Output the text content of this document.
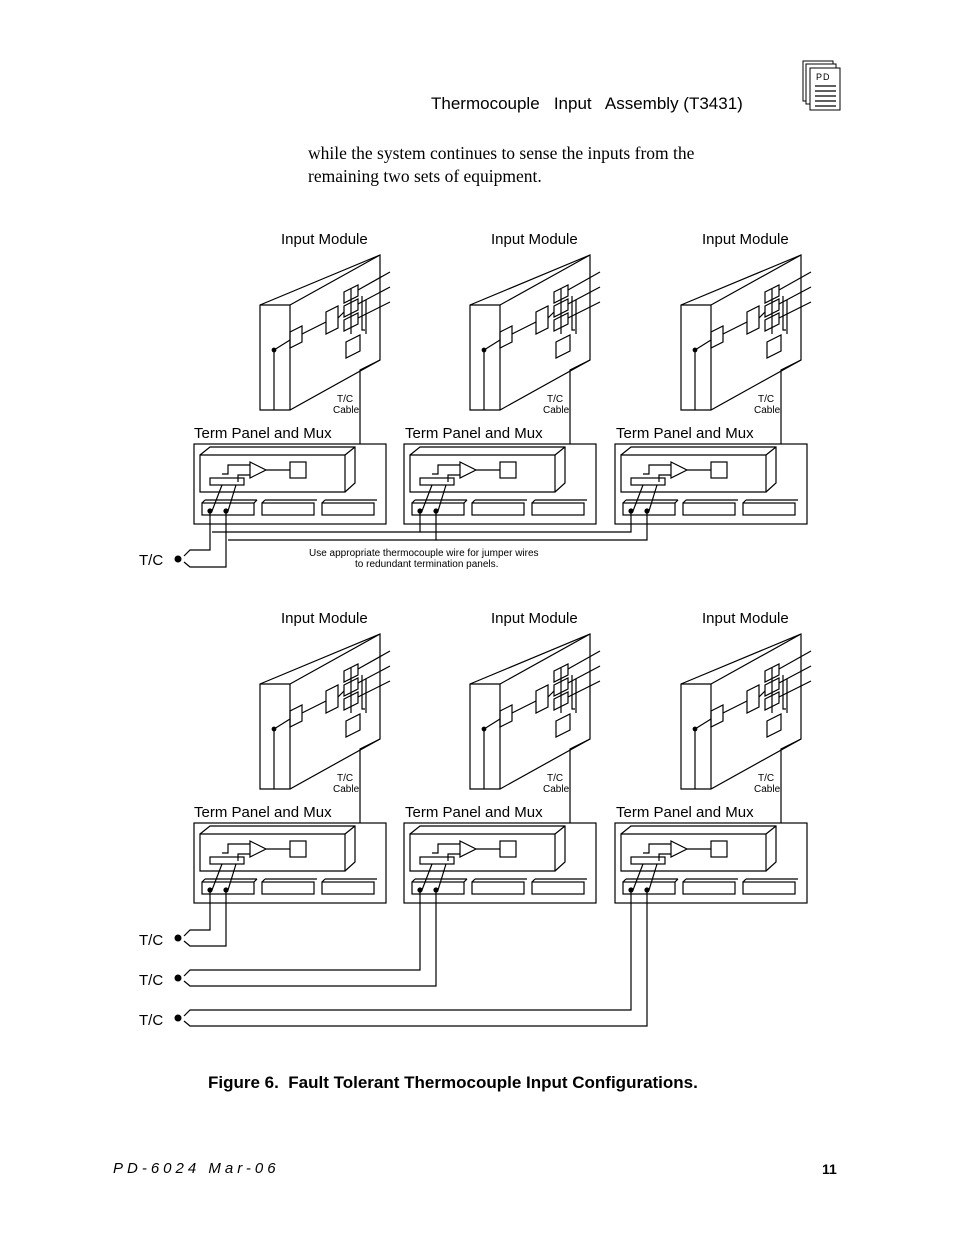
Thermocouple   Input   Assembly (T3431)
PD
while the system continues to sense the inputs from the
remaining two sets of equipment.
Input Module	Input Module	Input Module
T/C
Cable
T/C
Cable
T/C
Cable
Term Panel and Mux	Term Panel and Mux	Term Panel and Mux
T/C	Use appropriate thermocouple wire for jumper wires
to redundant termination panels.
Input Module	Input Module	Input Module
T/C
Cable
T/C
Cable
T/C
Cable
Term Panel and Mux	Term Panel and Mux	Term Panel and Mux
T/C
T/C
T/C
Figure 6.  Fault Tolerant Thermocouple Input Configurations.
PD-6024 Mar-06	11
